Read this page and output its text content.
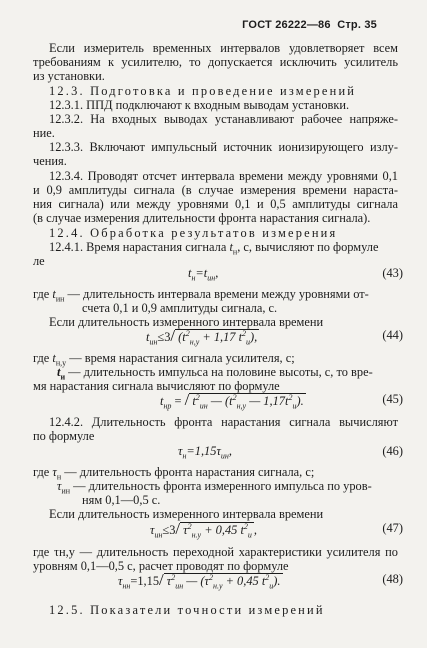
ГОСТ 26222—86 Стр. 35
Если измеритель временных интервалов удовлетворяет всем
требованиям к усилителю, то допускается исключить усилитель
из установки.
12.3. Подготовка и проведение измерений
12.3.1. ППД подключают к входным выводам установки.
12.3.2. На входных выводах устанавливают рабочее напряже-
ние.
12.3.3. Включают импульсный источник ионизирующего излу-
чения.
12.3.4. Проводят отсчет интервала времени между уровнями 0,1
и 0,9 амплитуды сигнала (в случае измерения времени нараста-
ния сигнала) или между уровнями 0,1 и 0,5 амплитуды сигнала
(в случае измерения длительности фронта нарастания сигнала).
12.4. Обработка результатов измерения
12.4.1. Время нарастания сигнала $t_н$, с, вычисляют по формуле
ле
$t_н=t_{ин}$,	(43)
где $t_{ин}$ — длительность интервала времени между уровнями от-
счета 0,1 и 0,9 амплитуды сигнала, с.
Если длительность измеренного интервала времени
$t_{ин}\le 3/$ ($t^2_{н,у} + 1,17$ $t^2_и$),	(44)
где $t_{н,у}$ — время нарастания сигнала усилителя, с;
$t_и$ — длительность импульса на половине высоты, с, то вре-
мя нарастания сигнала вычисляют по формуле
$t_{нр}$ = / $t^2_{ин}$ — ($t^2_{н,у}$ — $1,17t^2_и$).	(45)
12.4.2. Длительность фронта нарастания сигнала вычисляют
по формуле
$\tau_н=1,15\tau_{ин}$,	(46)
где $\tau_н$ — длительность фронта нарастания сигнала, с;
$\tau_{ин}$ — длительность фронта измеренного импульса по уров-
ням 0,1—0,5 с.
Если длительность измеренного интервала времени
$\tau_{ин}\le 3/$ $\tau^2_{н.у} + 0,45$ $t^2_и$ ,	(47)
где τн,у — длительность переходной характеристики усилителя по
уровням 0,1—0,5 с, расчет проводят по формуле
$\tau_{нн}=1,15/$ $\tau^2_{ин}$ — ($\tau^2_{н.у} + 0,45$ $t^2_и$).	(48)
12.5. Показатели точности измерений
